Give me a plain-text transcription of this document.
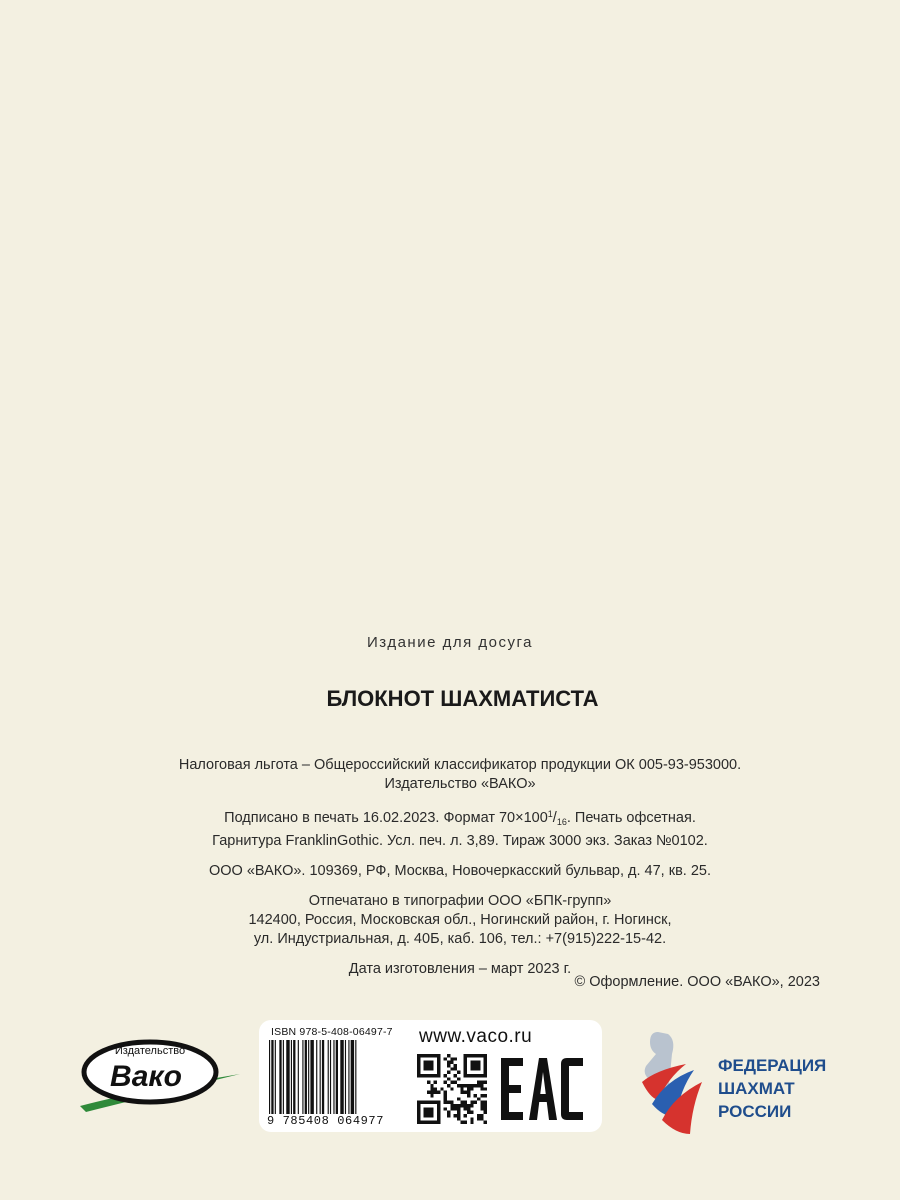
Издание для досуга
БЛОКНОТ ШАХМАТИСТА

Налоговая льгота – Общероссийский классификатор продукции ОК 005-93-953000.
Издательство «ВАКО»

Подписано в печать 16.02.2023. Формат $70\times 100^1/_{16}$. Печать офсетная.
Гарнитура FranklinGothic. Усл. печ. л. 3,89. Тираж 3000 экз. Заказ №0102.

ООО «ВАКО». 109369, РФ, Москва, Новочеркасский бульвар, д. 47, кв. 25.

Отпечатано в типографии ООО «БПК-групп»
142400, Россия, Московская обл., Ногинский район, г. Ногинск,
ул. Индустриальная, д. 40Б, каб. 106, тел.: +7(915)222-15-42.

Дата изготовления – март 2023 г.

© Оформление. ООО «ВАКО», 2023
Издательство
Вако
ISBN 978-5-408-06497-7
9 785408 064977
www.vaco.ru
ФЕДЕРАЦИЯ
ШАХМАТ
РОССИИ
